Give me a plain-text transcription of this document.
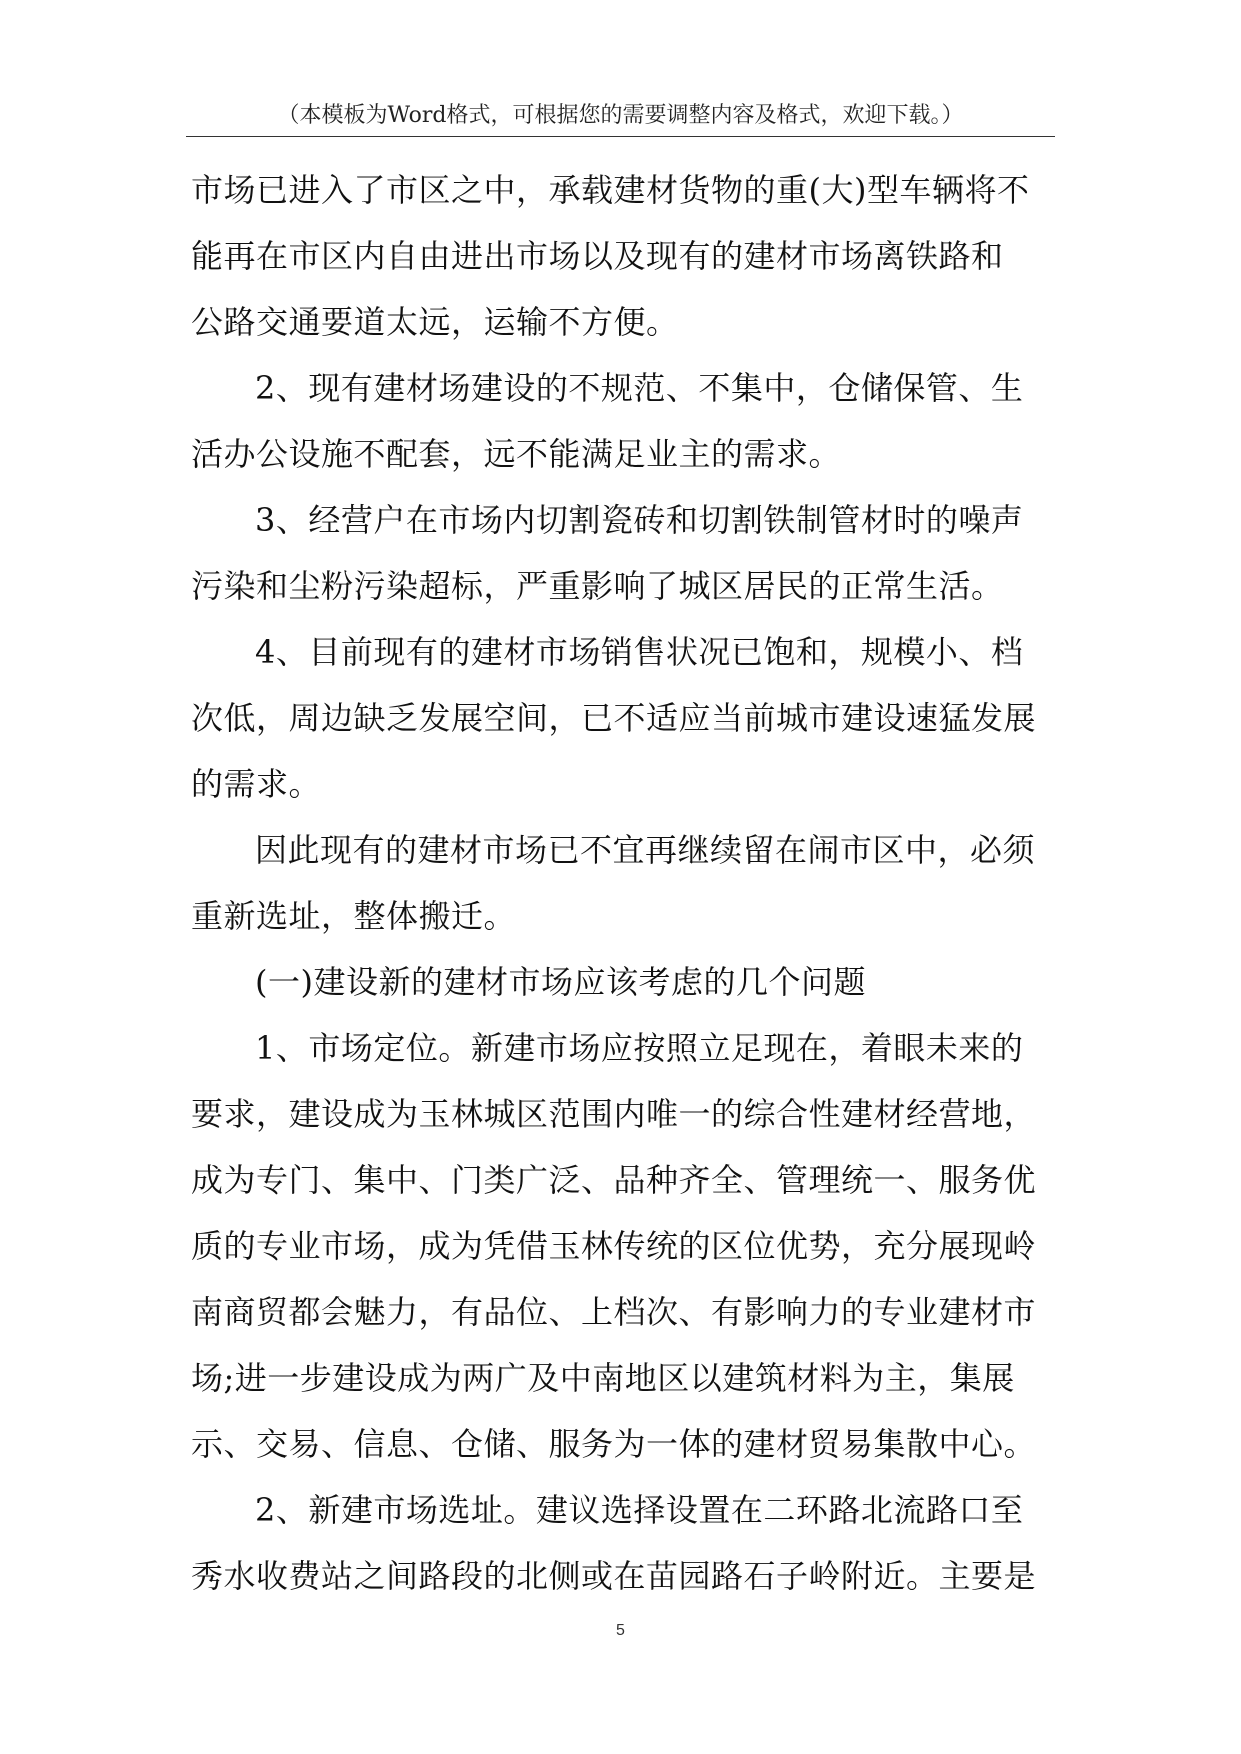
（本模板为Word格式，可根据您的需要调整内容及格式，欢迎下载。）
市场已进入了市区之中，承载建材货物的重(大)型车辆将不
能再在市区内自由进出市场以及现有的建材市场离铁路和
公路交通要道太远，运输不方便。
2、现有建材场建设的不规范、不集中，仓储保管、生
活办公设施不配套，远不能满足业主的需求。
3、经营户在市场内切割瓷砖和切割铁制管材时的噪声
污染和尘粉污染超标，严重影响了城区居民的正常生活。
4、目前现有的建材市场销售状况已饱和，规模小、档
次低，周边缺乏发展空间，已不适应当前城市建设速猛发展
的需求。
因此现有的建材市场已不宜再继续留在闹市区中，必须
重新选址，整体搬迁。
(一)建设新的建材市场应该考虑的几个问题
1、市场定位。新建市场应按照立足现在，着眼未来的
要求，建设成为玉林城区范围内唯一的综合性建材经营地，
成为专门、集中、门类广泛、品种齐全、管理统一、服务优
质的专业市场，成为凭借玉林传统的区位优势，充分展现岭
南商贸都会魅力，有品位、上档次、有影响力的专业建材市
场;进一步建设成为两广及中南地区以建筑材料为主，集展
示、交易、信息、仓储、服务为一体的建材贸易集散中心。
2、新建市场选址。建议选择设置在二环路北流路口至
秀水收费站之间路段的北侧或在苗园路石子岭附近。主要是
5
